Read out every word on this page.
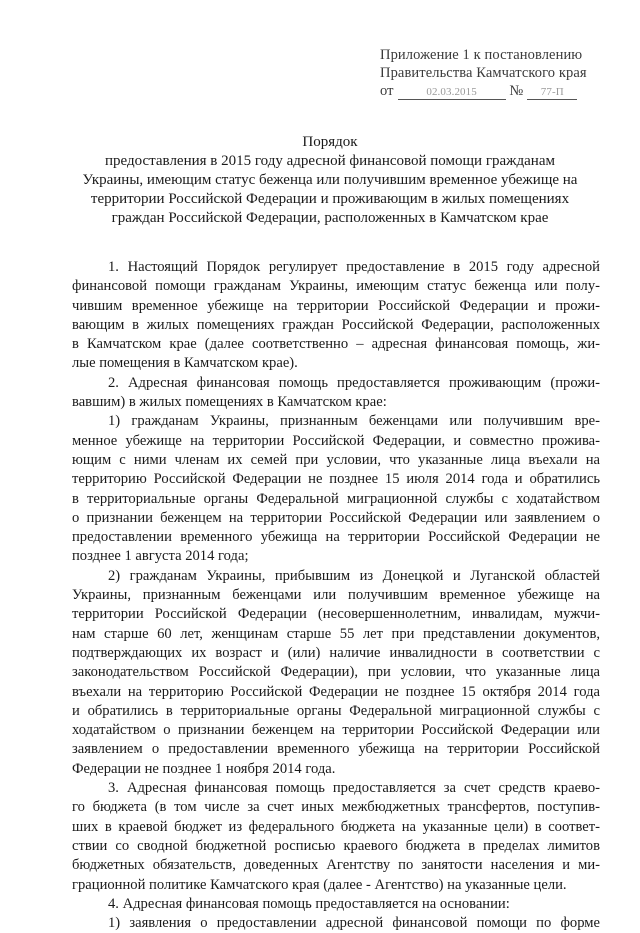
Приложение 1 к постановлению
Правительства Камчатского края
от	02.03.2015 № 77-П
Порядок
предоставления в 2015 году адресной финансовой помощи гражданам
Украины, имеющим статус беженца или получившим временное убежище на
территории Российской Федерации и проживающим в жилых помещениях
граждан Российской Федерации, расположенных в Камчатском крае
1. Настоящий Порядок регулирует предоставление в 2015 году адресной
финансовой помощи гражданам Украины, имеющим статус беженца или полу-
чившим временное убежище на территории Российской Федерации и прожи-
вающим в жилых помещениях граждан Российской Федерации, расположенных
в Камчатском крае (далее соответственно – адресная финансовая помощь, жи-
лые помещения в Камчатском крае).
2. Адресная финансовая помощь предоставляется проживающим (прожи-
вавшим) в жилых помещениях в Камчатском крае:
1) гражданам Украины, признанным беженцами или получившим вре-
менное убежище на территории Российской Федерации, и совместно прожива-
ющим с ними членам их семей при условии, что указанные лица въехали на
территорию Российской Федерации не позднее 15 июля 2014 года и обратились
в территориальные органы Федеральной миграционной службы с ходатайством
о признании беженцем на территории Российской Федерации или заявлением о
предоставлении временного убежища на территории Российской Федерации не
позднее 1 августа 2014 года;
2) гражданам Украины, прибывшим из Донецкой и Луганской областей
Украины, признанным беженцами или получившим временное убежище на
территории Российской Федерации (несовершеннолетним, инвалидам, мужчи-
нам старше 60 лет, женщинам старше 55 лет при представлении документов,
подтверждающих их возраст и (или) наличие инвалидности в соответствии с
законодательством Российской Федерации), при условии, что указанные лица
въехали на территорию Российской Федерации не позднее 15 октября 2014 года
и обратились в территориальные органы Федеральной миграционной службы с
ходатайством о признании беженцем на территории Российской Федерации или
заявлением о предоставлении временного убежища на территории Российской
Федерации не позднее 1 ноября 2014 года.
3. Адресная финансовая помощь предоставляется за счет средств краево-
го бюджета (в том числе за счет иных межбюджетных трансфертов, поступив-
ших в краевой бюджет из федерального бюджета на указанные цели) в соответ-
ствии со сводной бюджетной росписью краевого бюджета в пределах лимитов
бюджетных обязательств, доведенных Агентству по занятости населения и ми-
грационной политике Камчатского края (далее - Агентство) на указанные цели.
4. Адресная финансовая помощь предоставляется на основании:
1) заявления о предоставлении адресной финансовой помощи по форме
